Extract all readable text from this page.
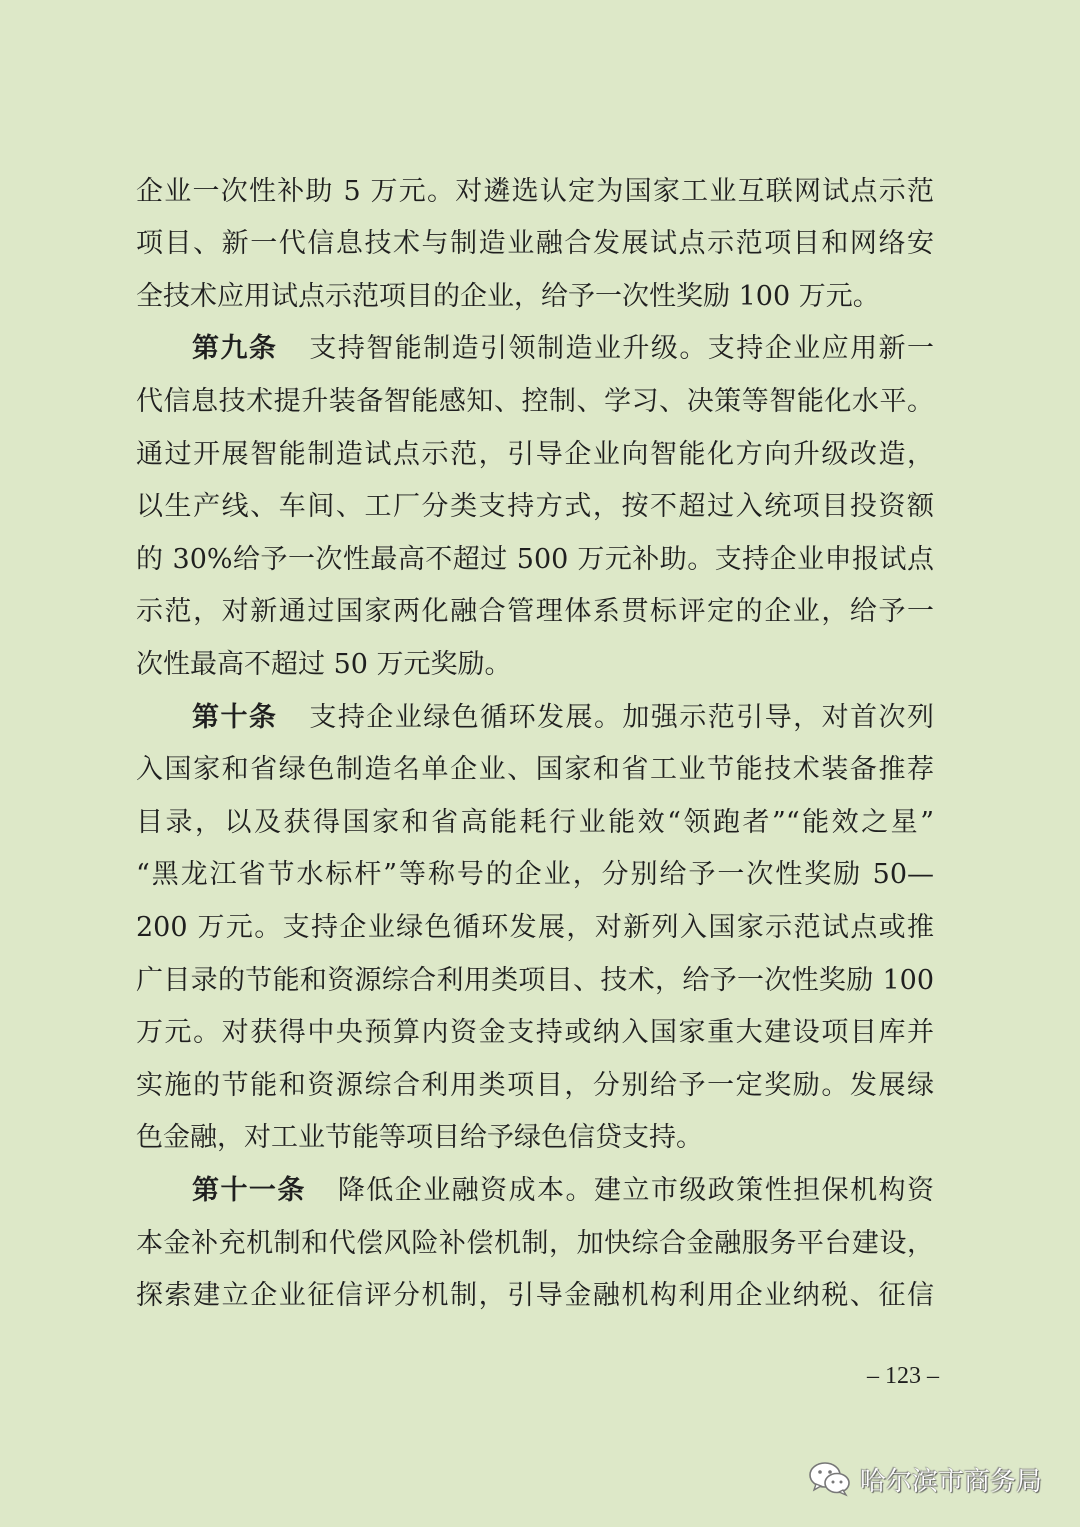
企业一次性补助 5 万元。对遴选认定为国家工业互联网试点示范
项目、新一代信息技术与制造业融合发展试点示范项目和网络安
全技术应用试点示范项目的企业，给予一次性奖励 100 万元。
第九条 支持智能制造引领制造业升级。支持企业应用新一
代信息技术提升装备智能感知、控制、学习、决策等智能化水平。
通过开展智能制造试点示范，引导企业向智能化方向升级改造，
以生产线、车间、工厂分类支持方式，按不超过入统项目投资额
的 30%给予一次性最高不超过 500 万元补助。支持企业申报试点
示范，对新通过国家两化融合管理体系贯标评定的企业，给予一
次性最高不超过 50 万元奖励。
第十条 支持企业绿色循环发展。加强示范引导，对首次列
入国家和省绿色制造名单企业、国家和省工业节能技术装备推荐
目录，以及获得国家和省高能耗行业能效“领跑者”“能效之星”
“黑龙江省节水标杆”等称号的企业，分别给予一次性奖励 50—
200 万元。支持企业绿色循环发展，对新列入国家示范试点或推
广目录的节能和资源综合利用类项目、技术，给予一次性奖励 100
万元。对获得中央预算内资金支持或纳入国家重大建设项目库并
实施的节能和资源综合利用类项目，分别给予一定奖励。发展绿
色金融，对工业节能等项目给予绿色信贷支持。
第十一条 降低企业融资成本。建立市级政策性担保机构资
本金补充机制和代偿风险补偿机制，加快综合金融服务平台建设，
探索建立企业征信评分机制，引导金融机构利用企业纳税、征信
– 123 –
哈尔滨市商务局
